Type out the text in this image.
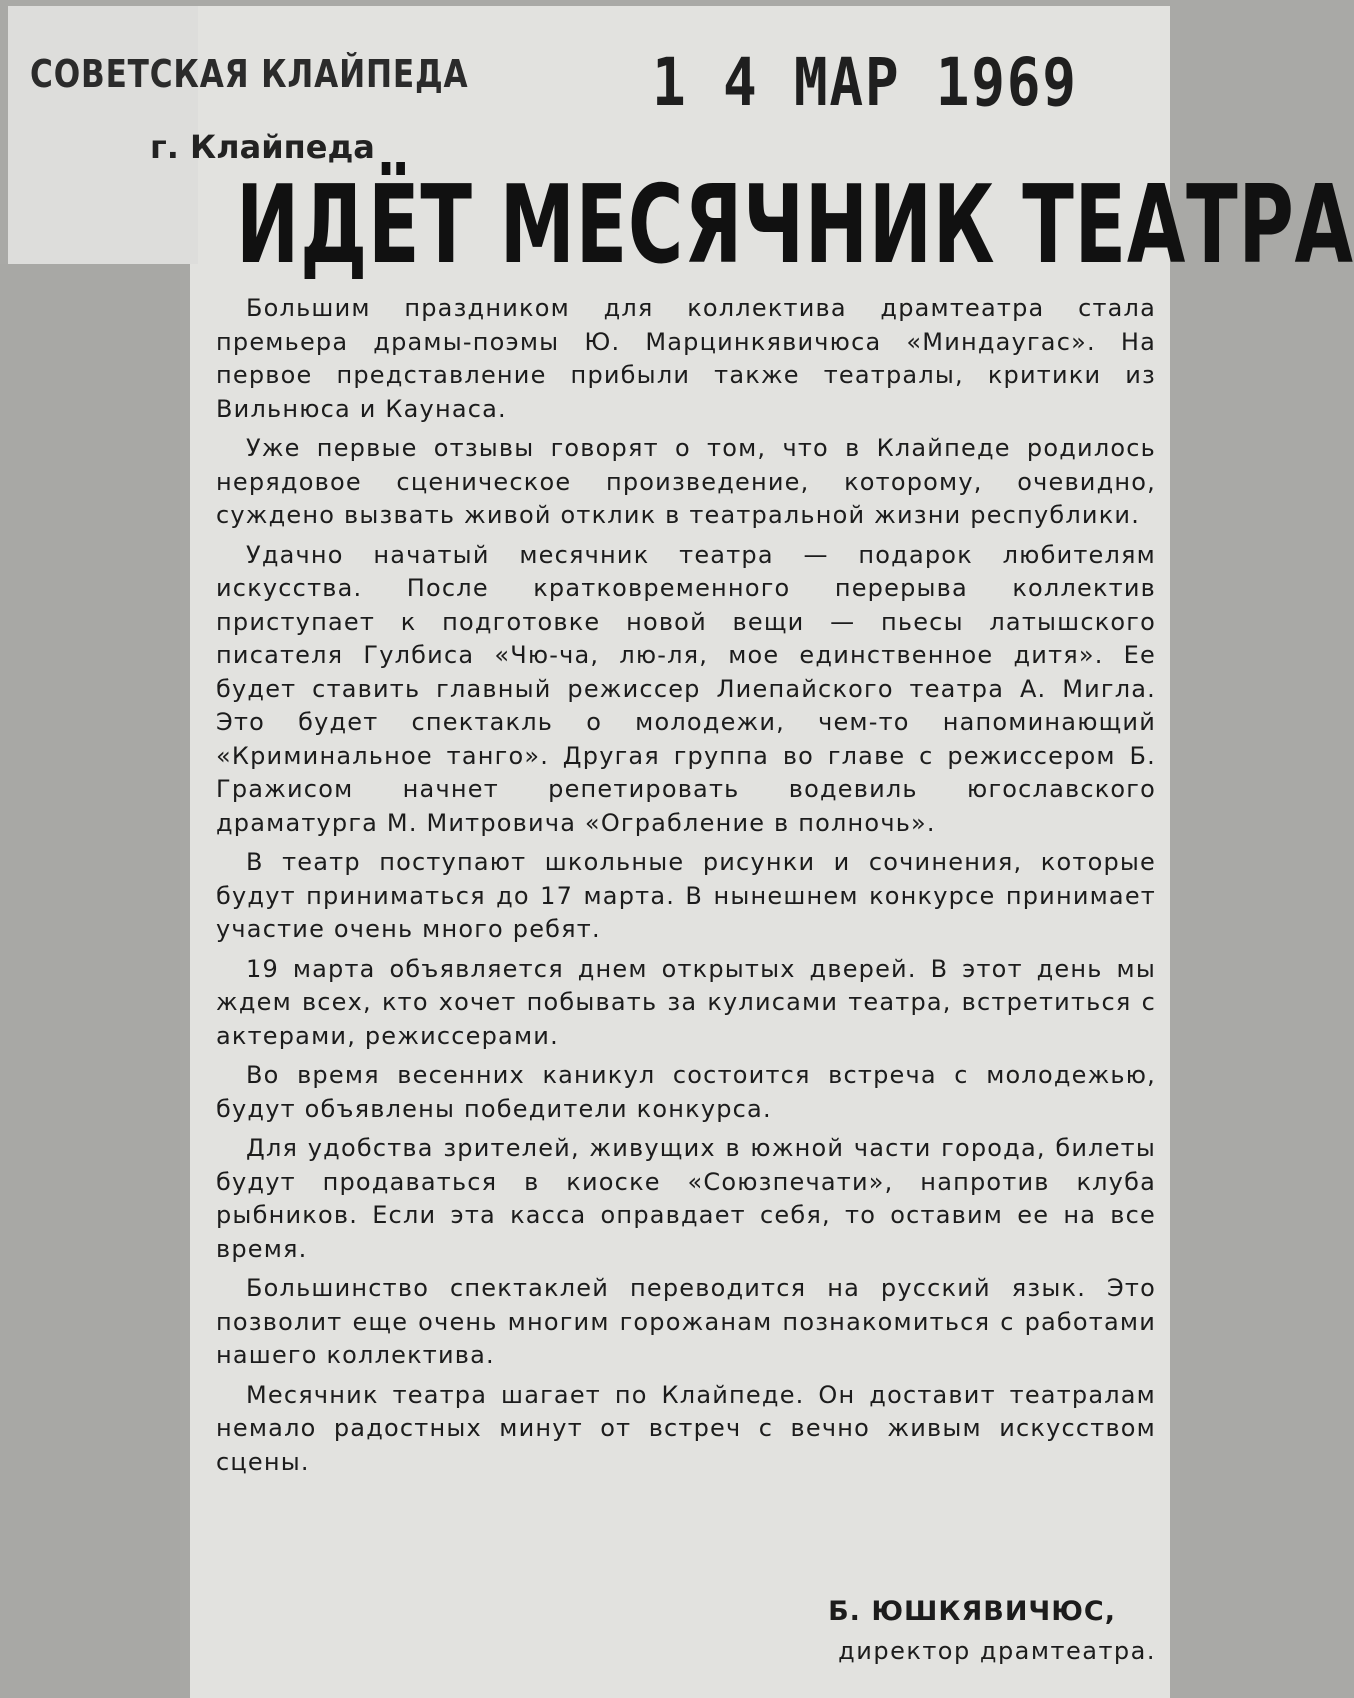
СОВЕТСКАЯ КЛАЙПЕДА	1 4 МАР 1969
г. Клайпеда
ИДЁТ МЕСЯЧНИК ТЕАТРА

Большим праздником для коллектива драмтеатра стала премьера драмы-поэмы Ю. Марцинкявичюса «Миндаугас». На первое представление прибыли также театралы, критики из Вильнюса и Каунаса.

Уже первые отзывы говорят о том, что в Клайпеде родилось нерядовое сценическое произведение, которому, очевидно, суждено вызвать живой отклик в театральной жизни республики.

Удачно начатый месячник театра — подарок любителям искусства. После кратковременного перерыва коллектив приступает к подготовке новой вещи — пьесы латышского писателя Гулбиса «Чю-ча, лю-ля, мое единственное дитя». Ее будет ставить главный режиссер Лиепайского театра А. Мигла. Это будет спектакль о молодежи, чем-то напоминающий «Криминальное танго». Другая группа во главе с режиссером Б. Гражисом начнет репетировать водевиль югославского драматурга М. Митровича «Ограбление в полночь».

В театр поступают школьные рисунки и сочинения, которые будут приниматься до 17 марта. В нынешнем конкурсе принимает участие очень много ребят.

19 марта объявляется днем открытых дверей. В этот день мы ждем всех, кто хочет побывать за кулисами театра, встретиться с актерами, режиссерами.

Во время весенних каникул состоится встреча с молодежью, будут объявлены победители конкурса.

Для удобства зрителей, живущих в южной части города, билеты будут продаваться в киоске «Союзпечати», напротив клуба рыбников. Если эта касса оправдает себя, то оставим ее на все время.

Большинство спектаклей переводится на русский язык. Это позволит еще очень многим горожанам познакомиться с работами нашего коллектива.

Месячник театра шагает по Клайпеде. Он доставит театралам немало радостных минут от встреч с вечно живым искусством сцены.

Б. ЮШКЯВИЧЮС,
директор драмтеатра.
